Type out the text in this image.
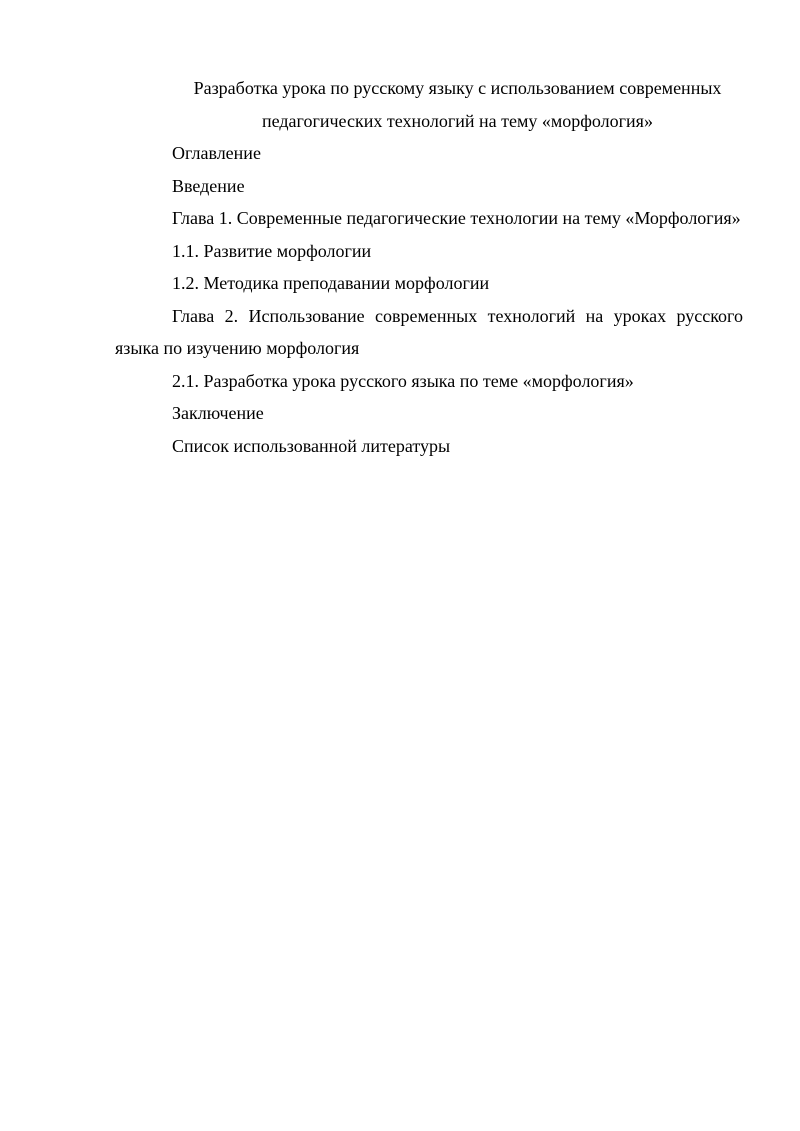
Разработка урока по русскому языку с использованием современных
педагогических технологий на тему «морфология»

Оглавление

Введение

Глава 1. Современные педагогические технологии на тему «Морфология»

1.1. Развитие морфологии

1.2. Методика преподавании морфологии

Глава 2. Использование современных технологий на уроках русского языка по изучению морфология

2.1. Разработка урока русского языка по теме «морфология»

Заключение

Список использованной литературы
